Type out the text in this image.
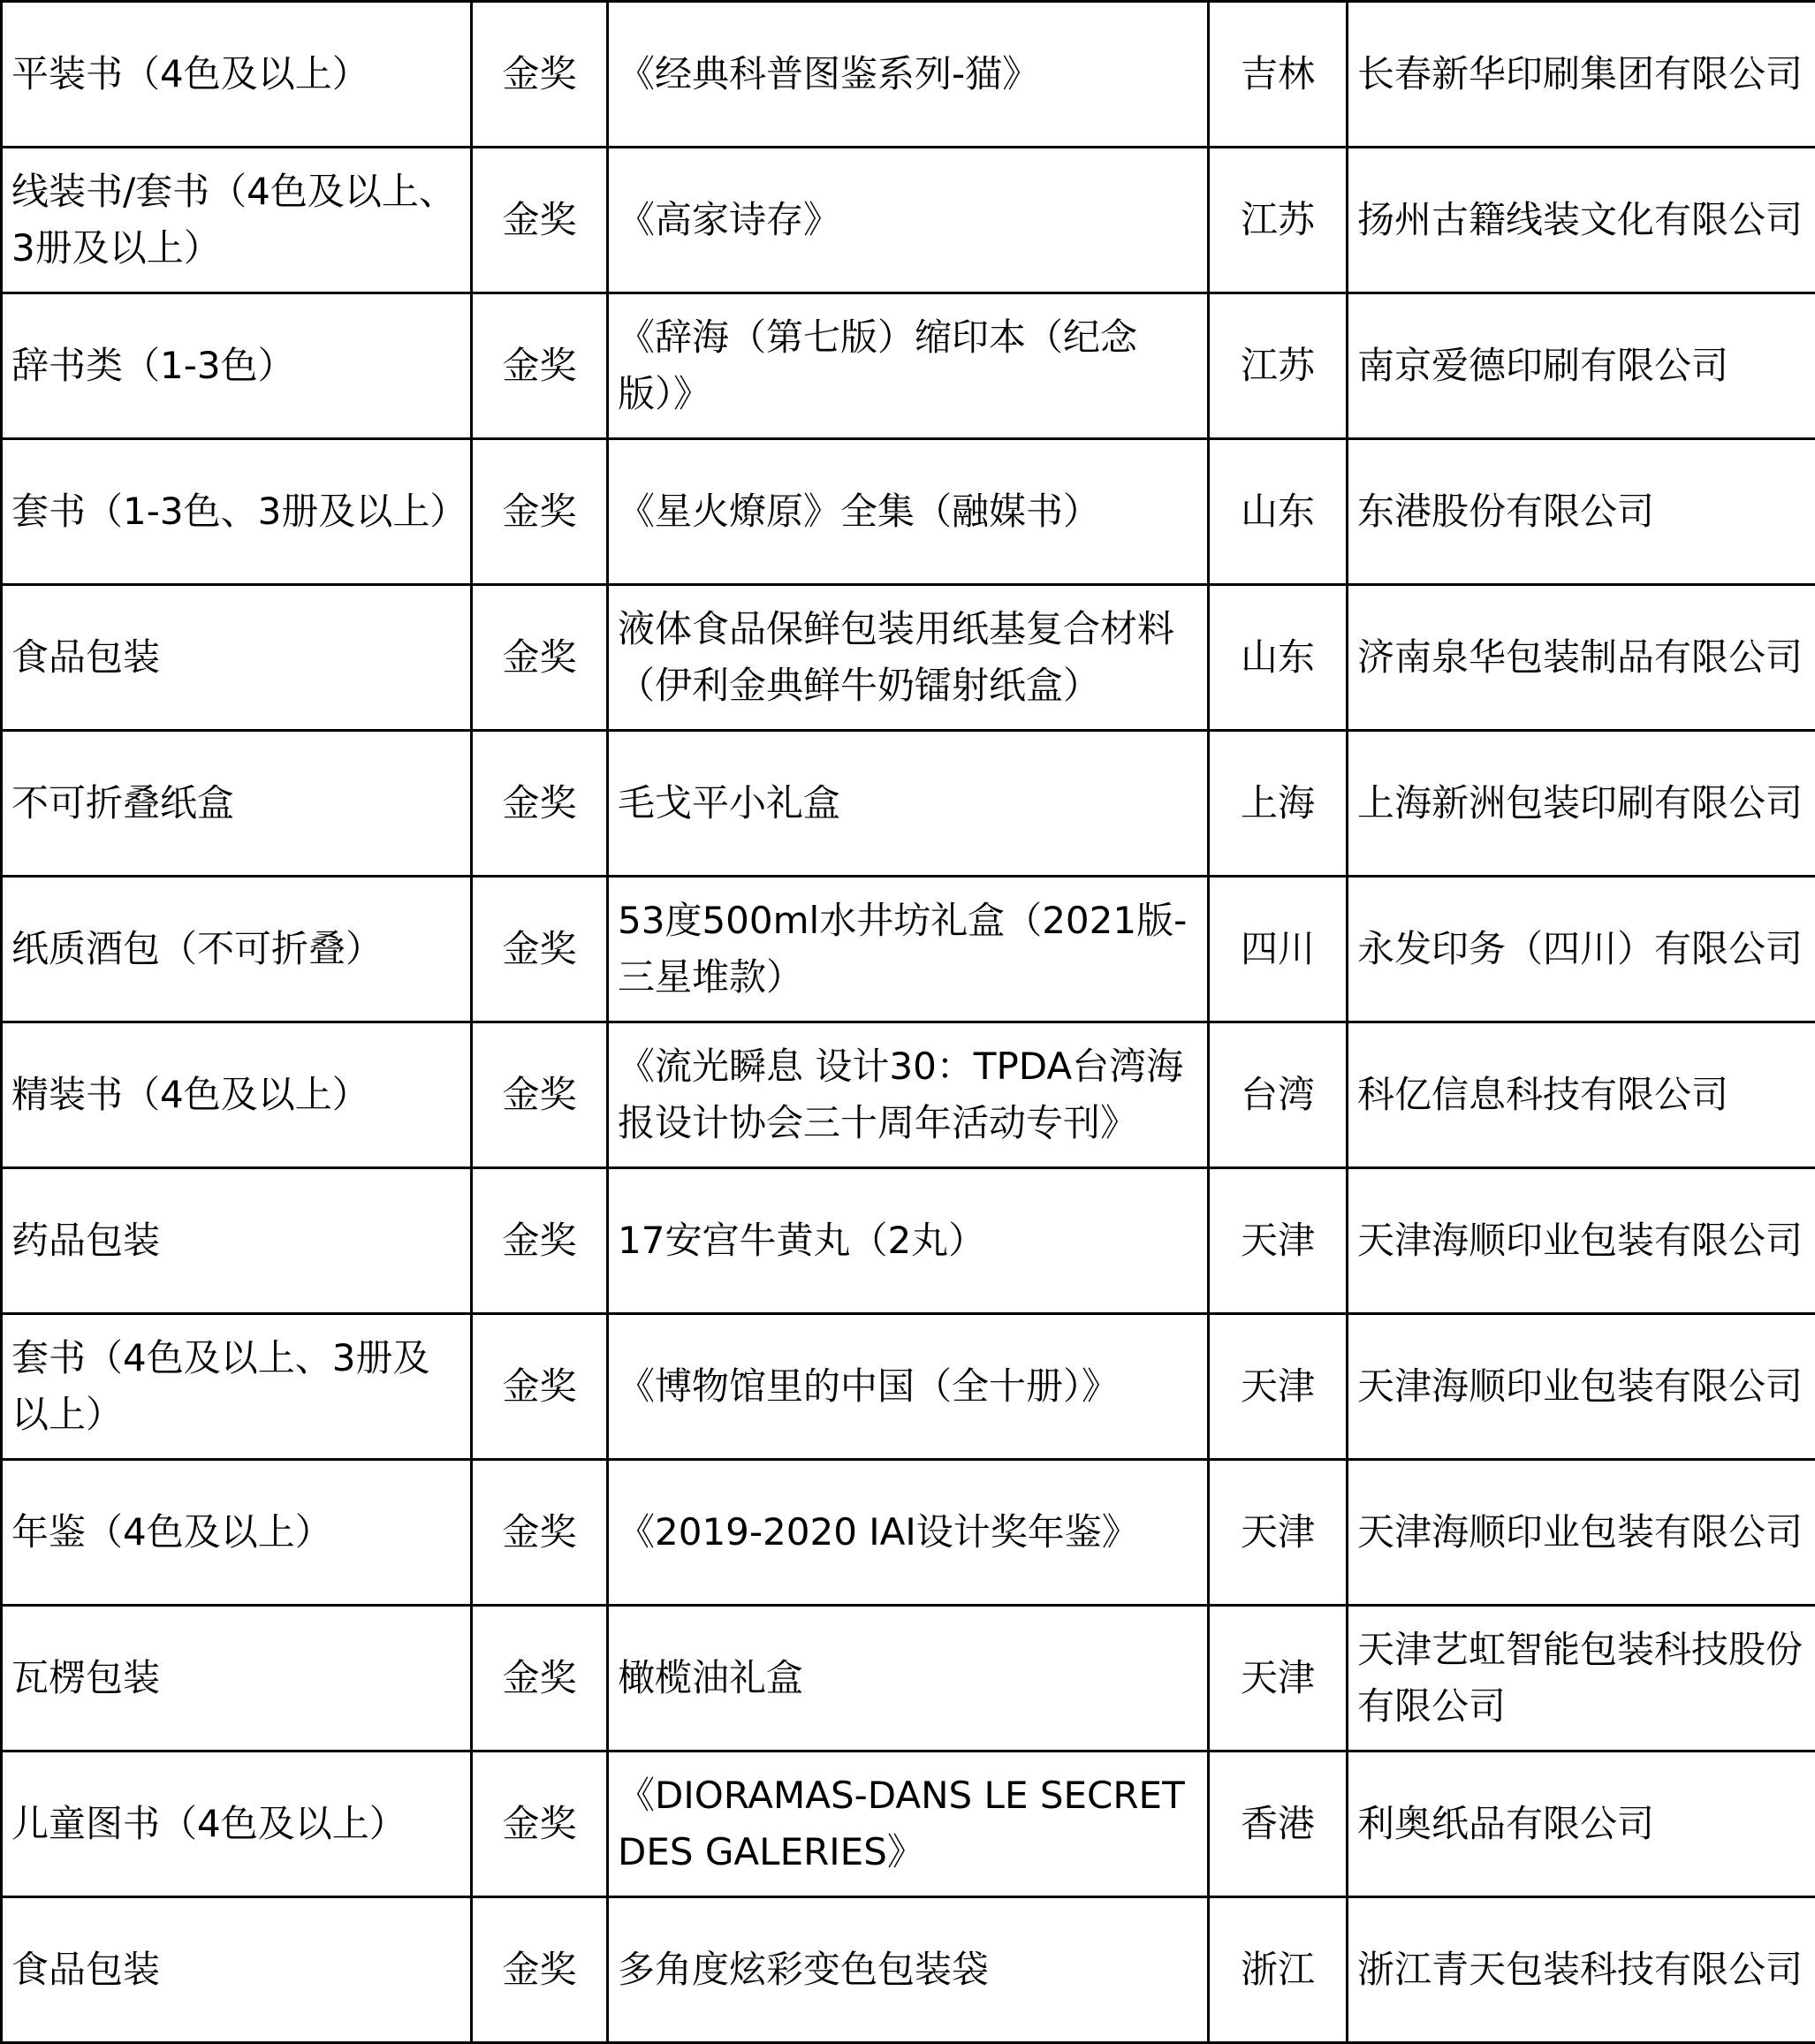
平装书（4色及以上）	金奖	《经典科普图鉴系列-猫》	吉林	长春新华印刷集团有限公司
线装书/套书（4色及以上、3册及以上）	金奖	《高家诗存》	江苏	扬州古籍线装文化有限公司
辞书类（1-3色）	金奖	《辞海（第七版）缩印本（纪念版）》	江苏	南京爱德印刷有限公司
套书（1-3色、3册及以上）	金奖	《星火燎原》全集（融媒书）	山东	东港股份有限公司
食品包装	金奖	液体食品保鲜包装用纸基复合材料（伊利金典鲜牛奶镭射纸盒）	山东	济南泉华包装制品有限公司
不可折叠纸盒	金奖	毛戈平小礼盒	上海	上海新洲包装印刷有限公司
纸质酒包（不可折叠）	金奖	53度500ml水井坊礼盒（2021版-三星堆款）	四川	永发印务（四川）有限公司
精装书（4色及以上）	金奖	《流光瞬息 设计30：TPDA台湾海报设计协会三十周年活动专刊》	台湾	科亿信息科技有限公司
药品包装	金奖	17安宫牛黄丸（2丸）	天津	天津海顺印业包装有限公司
套书（4色及以上、3册及以上）	金奖	《博物馆里的中国（全十册）》	天津	天津海顺印业包装有限公司
年鉴（4色及以上）	金奖	《2019-2020 IAI设计奖年鉴》	天津	天津海顺印业包装有限公司
瓦楞包装	金奖	橄榄油礼盒	天津	天津艺虹智能包装科技股份有限公司
儿童图书（4色及以上）	金奖	《DIORAMAS-DANS LE SECRET DES GALERIES》	香港	利奥纸品有限公司
食品包装	金奖	多角度炫彩变色包装袋	浙江	浙江青天包装科技有限公司
